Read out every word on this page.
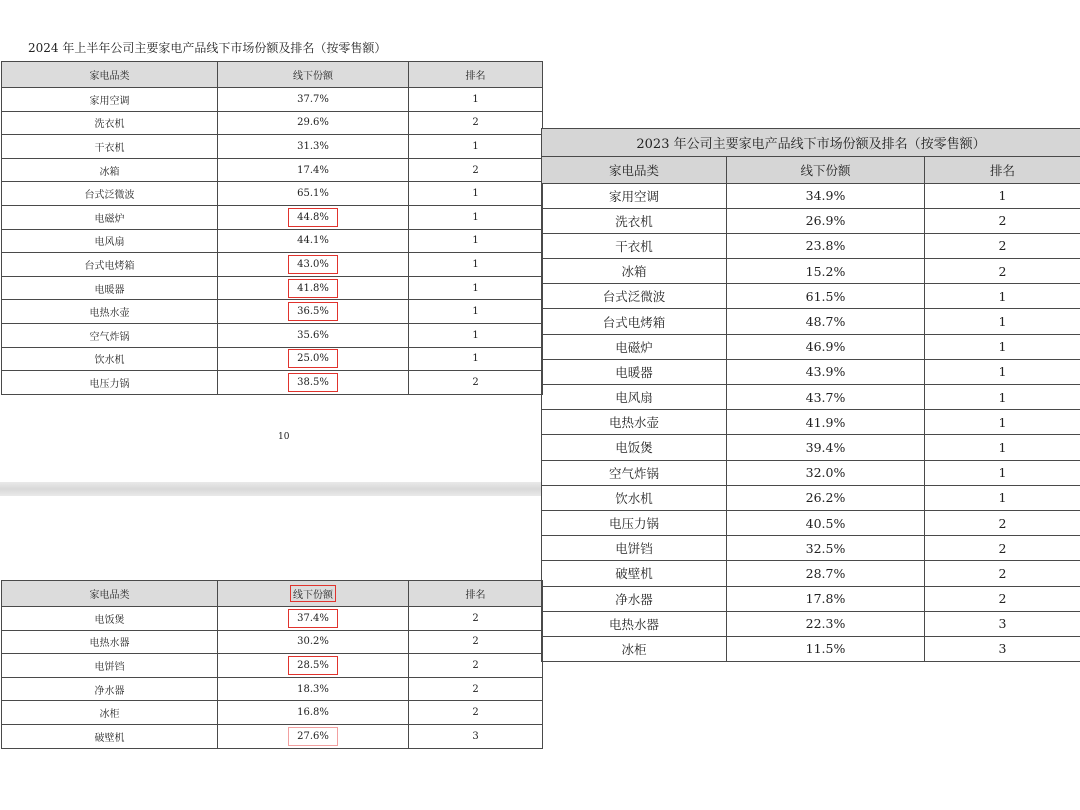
2024 年上半年公司主要家电产品线下市场份额及排名（按零售额）
家电品类	线下份额	排名
家用空调	37.7%	1
洗衣机	29.6%	2
干衣机	31.3%	1
冰箱	17.4%	2
台式泛微波	65.1%	1
电磁炉	44.8%	1
电风扇	44.1%	1
台式电烤箱	43.0%	1
电暖器	41.8%	1
电热水壶	36.5%	1
空气炸锅	35.6%	1
饮水机	25.0%	1
电压力锅	38.5%	2
10
家电品类	线下份额	排名
电饭煲	37.4%	2
电热水器	30.2%	2
电饼铛	28.5%	2
净水器	18.3%	2
冰柜	16.8%	2
破壁机	27.6%	3
2023 年公司主要家电产品线下市场份额及排名（按零售额）		
家电品类	线下份额	排名
家用空调	34.9%	1
洗衣机	26.9%	2
干衣机	23.8%	2
冰箱	15.2%	2
台式泛微波	61.5%	1
台式电烤箱	48.7%	1
电磁炉	46.9%	1
电暖器	43.9%	1
电风扇	43.7%	1
电热水壶	41.9%	1
电饭煲	39.4%	1
空气炸锅	32.0%	1
饮水机	26.2%	1
电压力锅	40.5%	2
电饼铛	32.5%	2
破壁机	28.7%	2
净水器	17.8%	2
电热水器	22.3%	3
冰柜	11.5%	3
